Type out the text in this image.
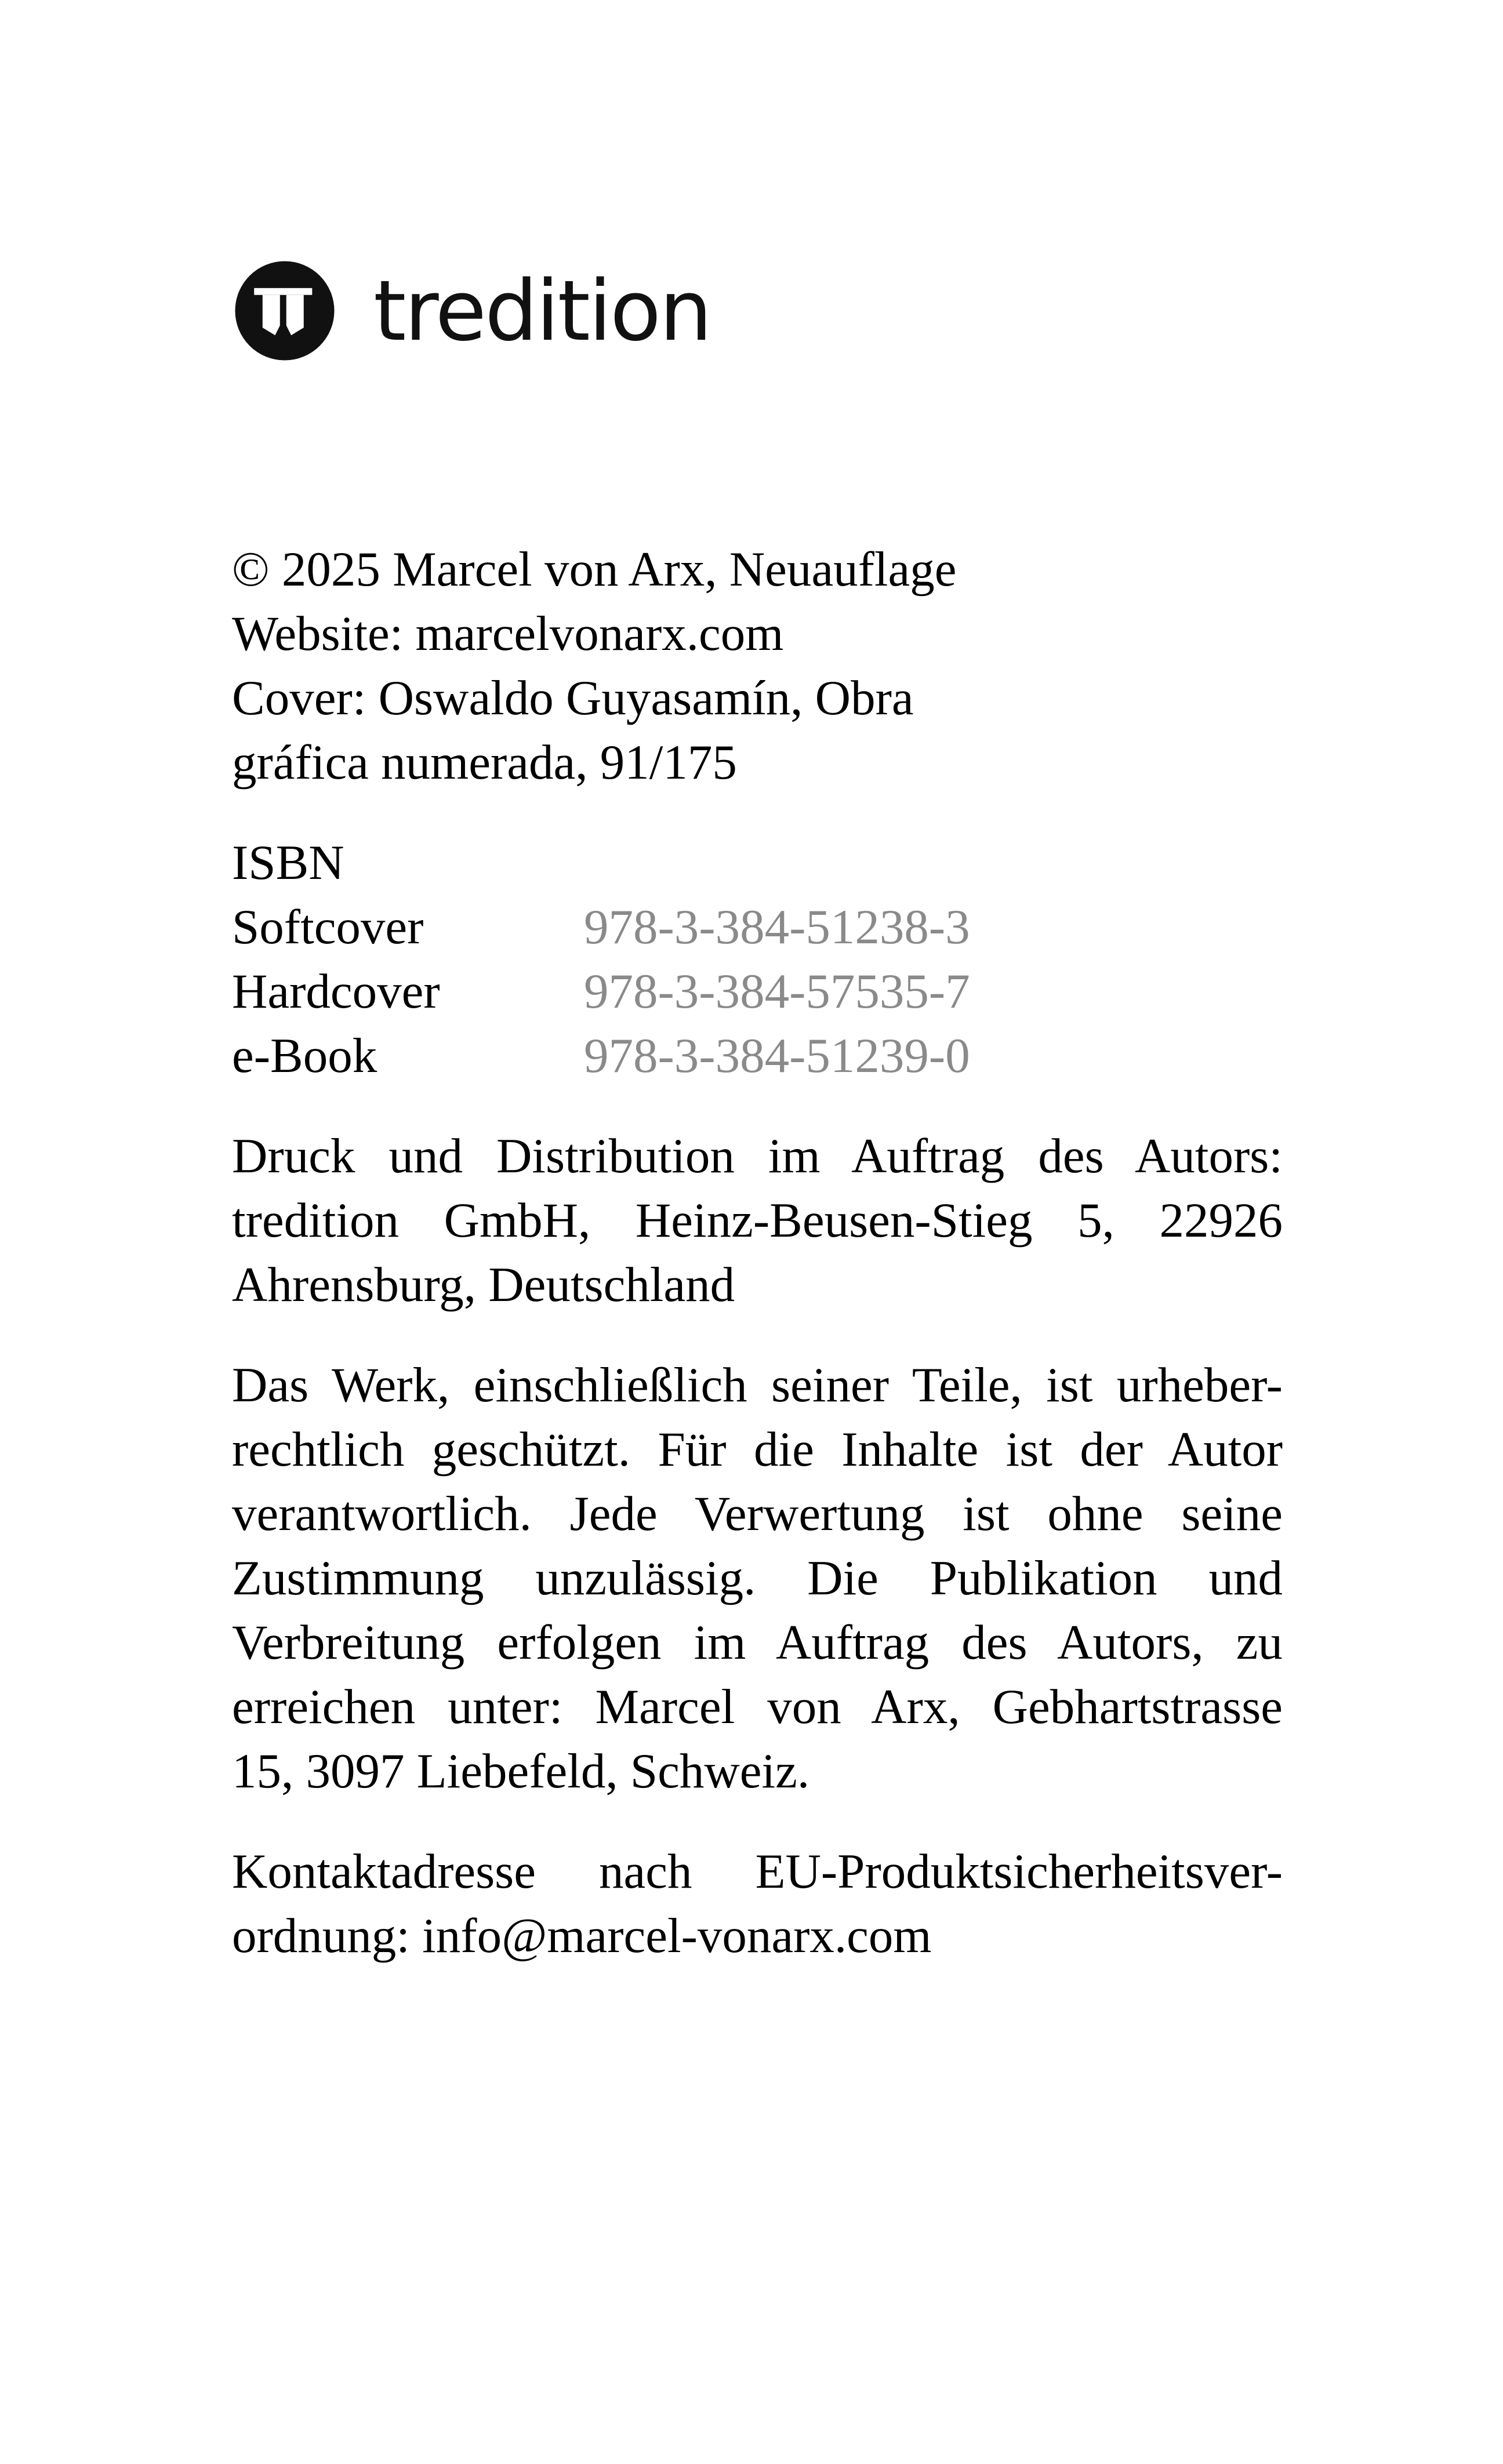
tredition
© 2025 Marcel von Arx, Neuauflage
Website: marcelvonarx.com
Cover: Oswaldo Guyasamín, Obra
gráfica numerada, 91/175
ISBN
Softcover	978-3-384-51238-3
Hardcover	978-3-384-57535-7
e-Book	978-3-384-51239-0
Druck und Distribution im Auftrag des Autors:
tredition GmbH, Heinz-Beusen-Stieg 5, 22926
Ahrensburg, Deutschland
Das Werk, einschließlich seiner Teile, ist urheber-
rechtlich geschützt. Für die Inhalte ist der Autor
verantwortlich. Jede Verwertung ist ohne seine
Zustimmung unzulässig. Die Publikation und
Verbreitung erfolgen im Auftrag des Autors, zu
erreichen unter: Marcel von Arx, Gebhartstrasse
15, 3097 Liebefeld, Schweiz.
Kontaktadresse nach EU-Produktsicherheitsver-
ordnung: info@marcel-vonarx.com
